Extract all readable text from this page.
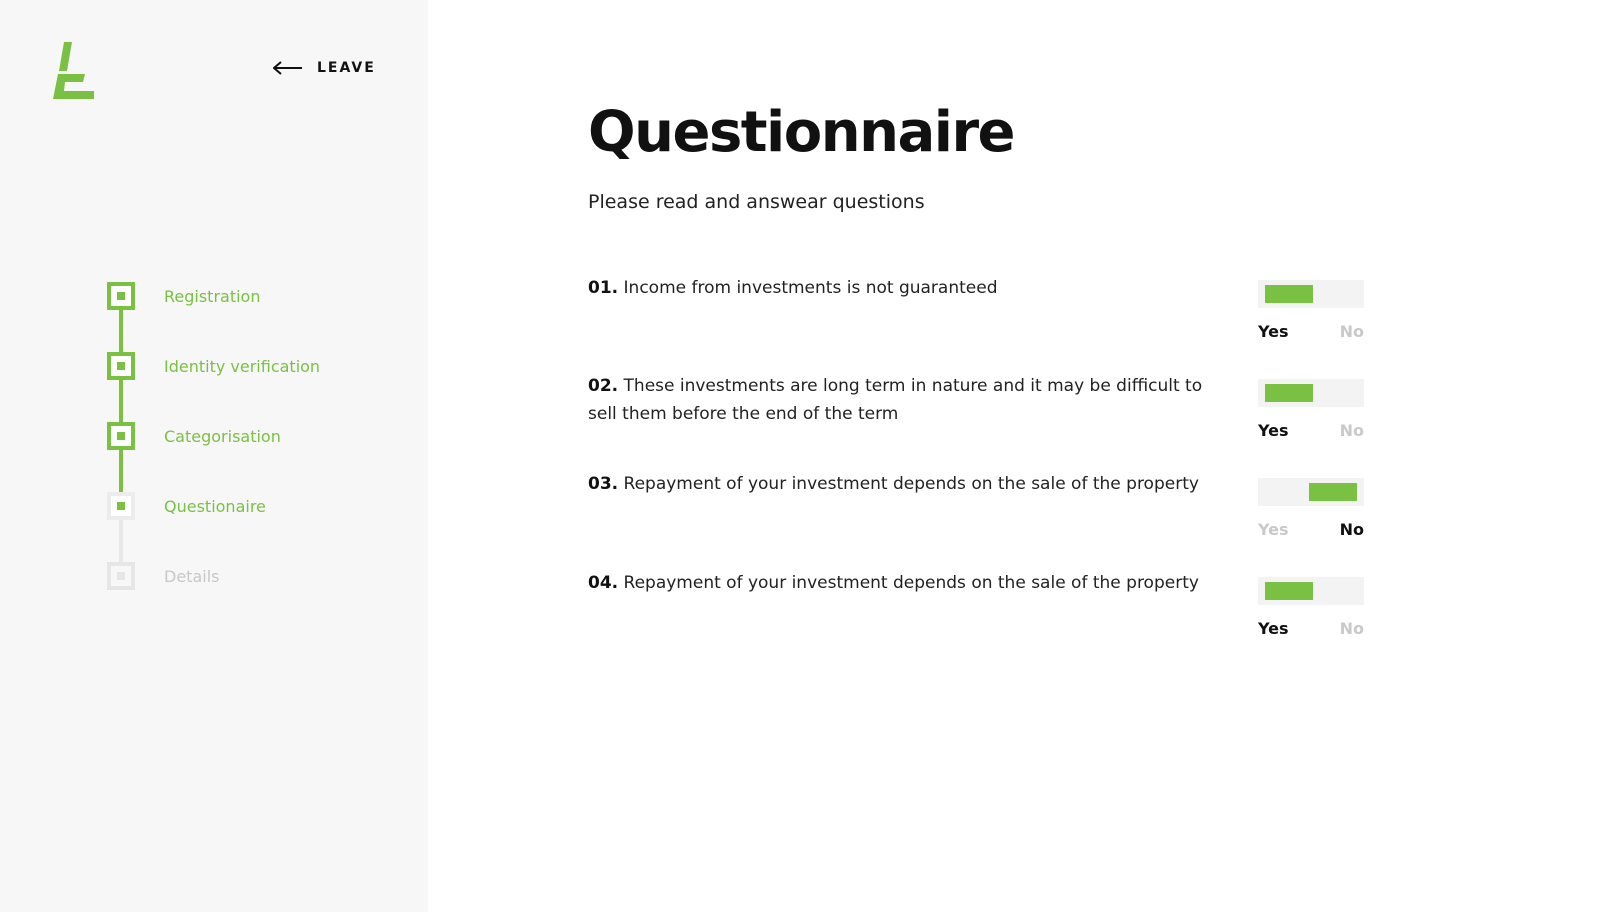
LEAVE
Registration
Identity verification
Categorisation
Questionaire
Details
Questionnaire

Please read and answear questions

01. Income from investments is not guaranteed
Yes	No
02. These investments are long term in nature and it may be difficult to sell them before the end of the term
Yes	No
03. Repayment of your investment depends on the sale of the property
Yes	No
04. Repayment of your investment depends on the sale of the property
Yes	No
